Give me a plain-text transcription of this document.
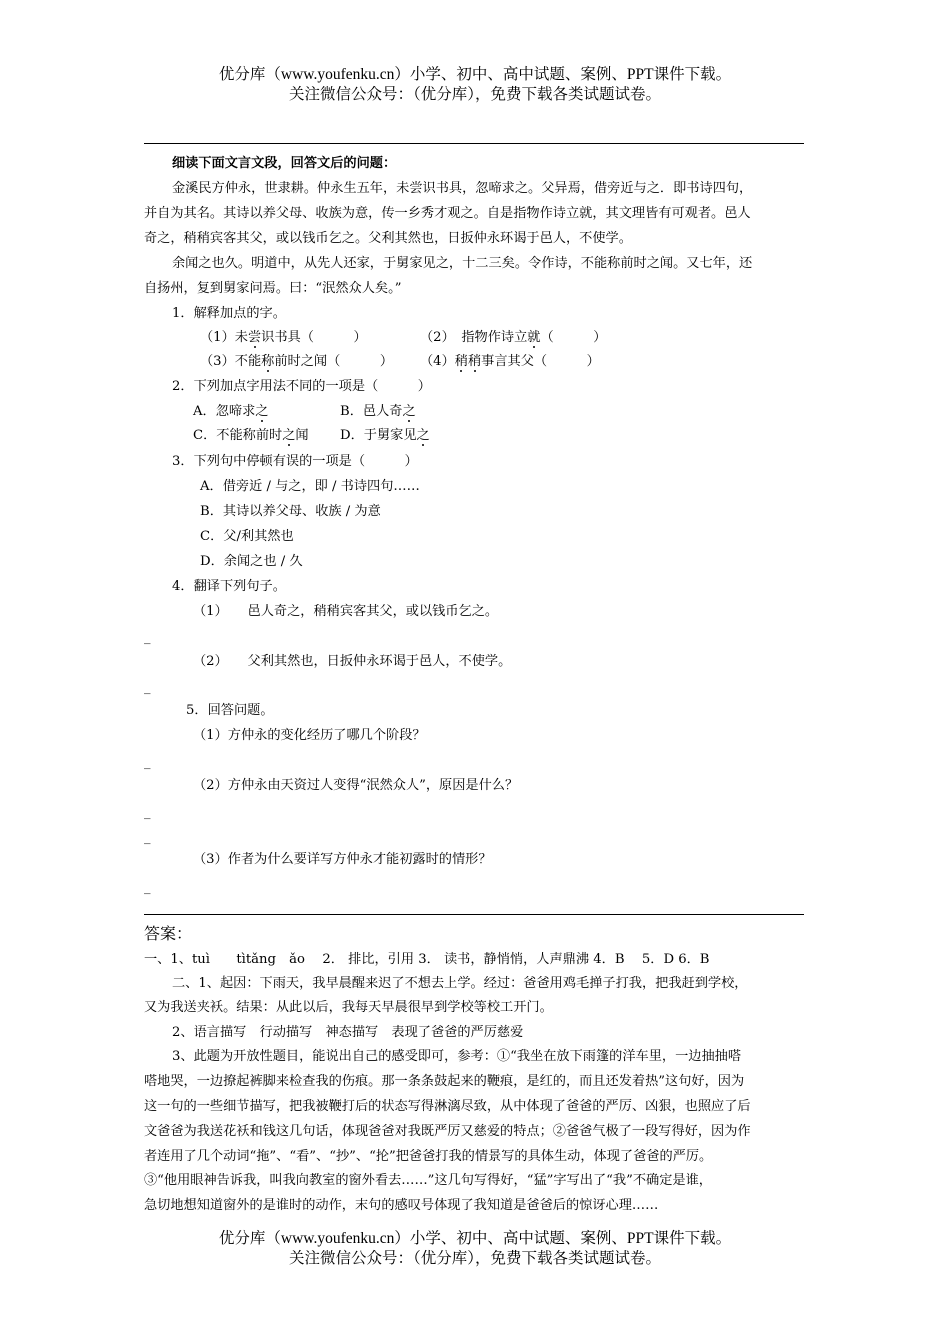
优分库（www.youfenku.cn）小学、初中、高中试题、案例、PPT课件下载。
关注微信公众号：（优分库），免费下载各类试题试卷。
细读下面文言文段，回答文后的问题：
金溪民方仲永，世隶耕。仲永生五年，未尝识书具，忽啼求之。父异焉，借旁近与之．即书诗四句，
并自为其名。其诗以养父母、收族为意，传一乡秀才观之。自是指物作诗立就，其文理皆有可观者。邑人
奇之，稍稍宾客其父，或以钱币乞之。父利其然也，日扳仲永环谒于邑人，不使学。
余闻之也久。明道中，从先人还家，于舅家见之，十二三矣。令作诗，不能称前时之闻。又七年，还
自扬州，复到舅家问焉。曰：“泯然众人矣。”
1．解释加点的字。
（1）未尝识书具（　　　）	（2）　指物作诗立就（　　　）
（3）不能称前时之闻（　　　） （4）稍稍事言其父（　　　）
2．下列加点字用法不同的一项是（　　　）
A．忽啼求之	B．邑人奇之
C．不能称前时之闻 D．于舅家见之
3．下列句中停顿有误的一项是（　　　）
A．借旁近 / 与之，即 / 书诗四句……
B．其诗以养父母、收族 / 为意
C．父/利其然也
D．余闻之也 / 久
4．翻译下列句子。
（1）　　邑人奇之，稍稍宾客其父，或以钱币乞之。
_
（2）　　父利其然也，日扳仲永环谒于邑人，不使学。
_
5．回答问题。
（1）方仲永的变化经历了哪几个阶段？
_
（2）方仲永由天资过人变得“泯然众人”，原因是什么？
_
_
（3）作者为什么要详写方仲永才能初露时的情形？
_
答案：
一、1、tuì　　tìtǎng　ǎo　 2． 排比，引用 3． 读书，静悄悄，人声鼎沸 4．B　 5．D 6．B
二、1、起因：下雨天，我早晨醒来迟了不想去上学。经过：爸爸用鸡毛掸子打我，把我赶到学校，
又为我送夹袄。结果：从此以后，我每天早晨很早到学校等校工开门。
2、语言描写　行动描写　神态描写　表现了爸爸的严厉慈爱
3、此题为开放性题目，能说出自己的感受即可，参考：①“我坐在放下雨篷的洋车里，一边抽抽嗒
嗒地哭，一边撩起裤脚来检查我的伤痕。那一条条鼓起来的鞭痕，是红的，而且还发着热”这句好，因为
这一句的一些细节描写，把我被鞭打后的状态写得淋漓尽致，从中体现了爸爸的严厉、凶狠，也照应了后
文爸爸为我送花袄和钱这几句话，体现爸爸对我既严厉又慈爱的特点；②爸爸气极了一段写得好，因为作
者连用了几个动词“拖”、“看”、“抄”、“抡”把爸爸打我的情景写的具体生动，体现了爸爸的严厉。
③“他用眼神告诉我，叫我向教室的窗外看去……”这几句写得好，“猛”字写出了“我”不确定是谁，
急切地想知道窗外的是谁时的动作，末句的感叹号体现了我知道是爸爸后的惊讶心理……
优分库（www.youfenku.cn）小学、初中、高中试题、案例、PPT课件下载。
关注微信公众号：（优分库），免费下载各类试题试卷。
